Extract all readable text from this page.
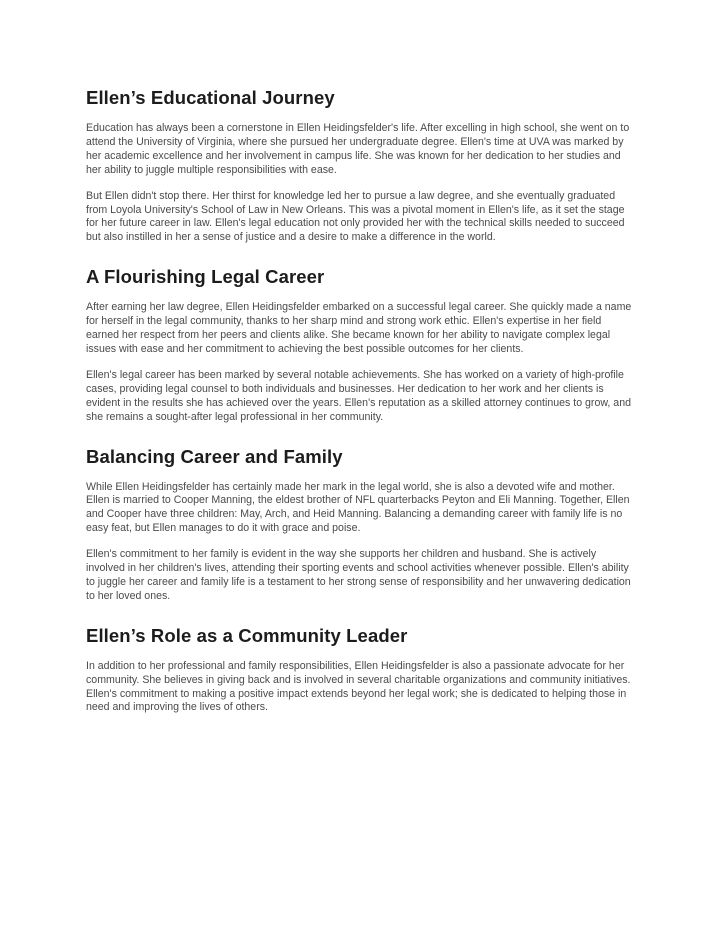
Ellen’s Educational Journey

Education has always been a cornerstone in Ellen Heidingsfelder's life. After excelling in high school, she went on to attend the University of Virginia, where she pursued her undergraduate degree. Ellen's time at UVA was marked by her academic excellence and her involvement in campus life. She was known for her dedication to her studies and her ability to juggle multiple responsibilities with ease.

But Ellen didn't stop there. Her thirst for knowledge led her to pursue a law degree, and she eventually graduated from Loyola University's School of Law in New Orleans. This was a pivotal moment in Ellen's life, as it set the stage for her future career in law. Ellen's legal education not only provided her with the technical skills needed to succeed but also instilled in her a sense of justice and a desire to make a difference in the world.

A Flourishing Legal Career

After earning her law degree, Ellen Heidingsfelder embarked on a successful legal career. She quickly made a name for herself in the legal community, thanks to her sharp mind and strong work ethic. Ellen's expertise in her field earned her respect from her peers and clients alike. She became known for her ability to navigate complex legal issues with ease and her commitment to achieving the best possible outcomes for her clients.

Ellen's legal career has been marked by several notable achievements. She has worked on a variety of high-profile cases, providing legal counsel to both individuals and businesses. Her dedication to her work and her clients is evident in the results she has achieved over the years. Ellen's reputation as a skilled attorney continues to grow, and she remains a sought-after legal professional in her community.

Balancing Career and Family

While Ellen Heidingsfelder has certainly made her mark in the legal world, she is also a devoted wife and mother. Ellen is married to Cooper Manning, the eldest brother of NFL quarterbacks Peyton and Eli Manning. Together, Ellen and Cooper have three children: May, Arch, and Heid Manning. Balancing a demanding career with family life is no easy feat, but Ellen manages to do it with grace and poise.

Ellen's commitment to her family is evident in the way she supports her children and husband. She is actively involved in her children's lives, attending their sporting events and school activities whenever possible. Ellen's ability to juggle her career and family life is a testament to her strong sense of responsibility and her unwavering dedication to her loved ones.

Ellen’s Role as a Community Leader

In addition to her professional and family responsibilities, Ellen Heidingsfelder is also a passionate advocate for her community. She believes in giving back and is involved in several charitable organizations and community initiatives. Ellen's commitment to making a positive impact extends beyond her legal work; she is dedicated to helping those in need and improving the lives of others.
